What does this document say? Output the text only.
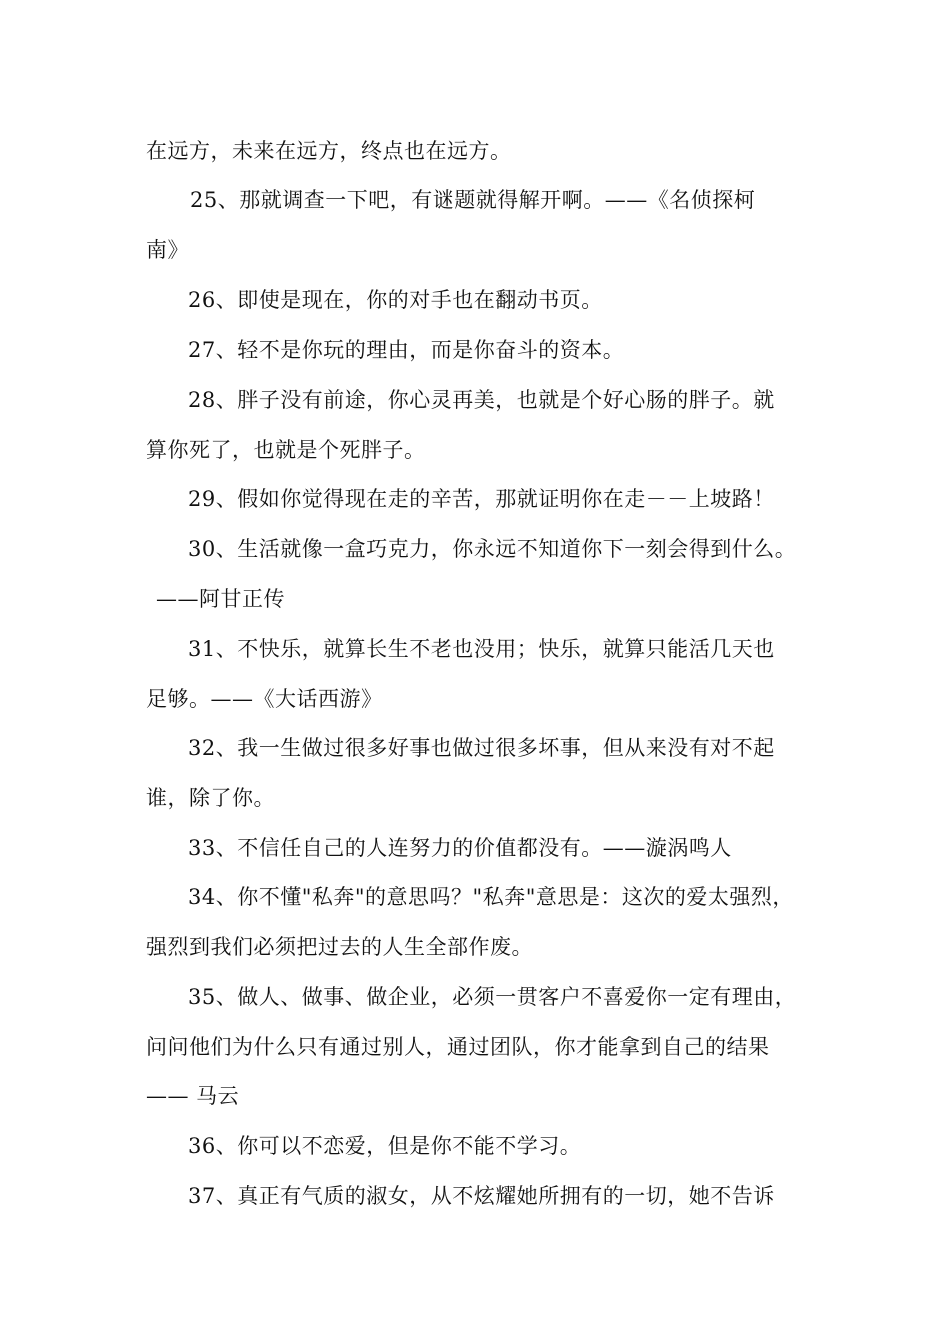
在远方，未来在远方，终点也在远方。
25、那就调查一下吧，有谜题就得解开啊。——《名侦探柯
南》
26、即使是现在，你的对手也在翻动书页。
27、轻不是你玩的理由，而是你奋斗的资本。
28、胖子没有前途，你心灵再美，也就是个好心肠的胖子。就
算你死了，也就是个死胖子。
29、假如你觉得现在走的辛苦，那就证明你在走－－上坡路！
30、生活就像一盒巧克力，你永远不知道你下一刻会得到什么。
——阿甘正传
31、不快乐，就算长生不老也没用；快乐，就算只能活几天也
足够。——《大话西游》
32、我一生做过很多好事也做过很多坏事，但从来没有对不起
谁，除了你。
33、不信任自己的人连努力的价值都没有。——漩涡鸣人
34、你不懂"私奔"的意思吗？"私奔"意思是：这次的爱太强烈，
强烈到我们必须把过去的人生全部作废。
35、做人、做事、做企业，必须一贯客户不喜爱你一定有理由，
问问他们为什么只有通过别人，通过团队，你才能拿到自己的结果
—— 马云
36、你可以不恋爱，但是你不能不学习。
37、真正有气质的淑女，从不炫耀她所拥有的一切，她不告诉
